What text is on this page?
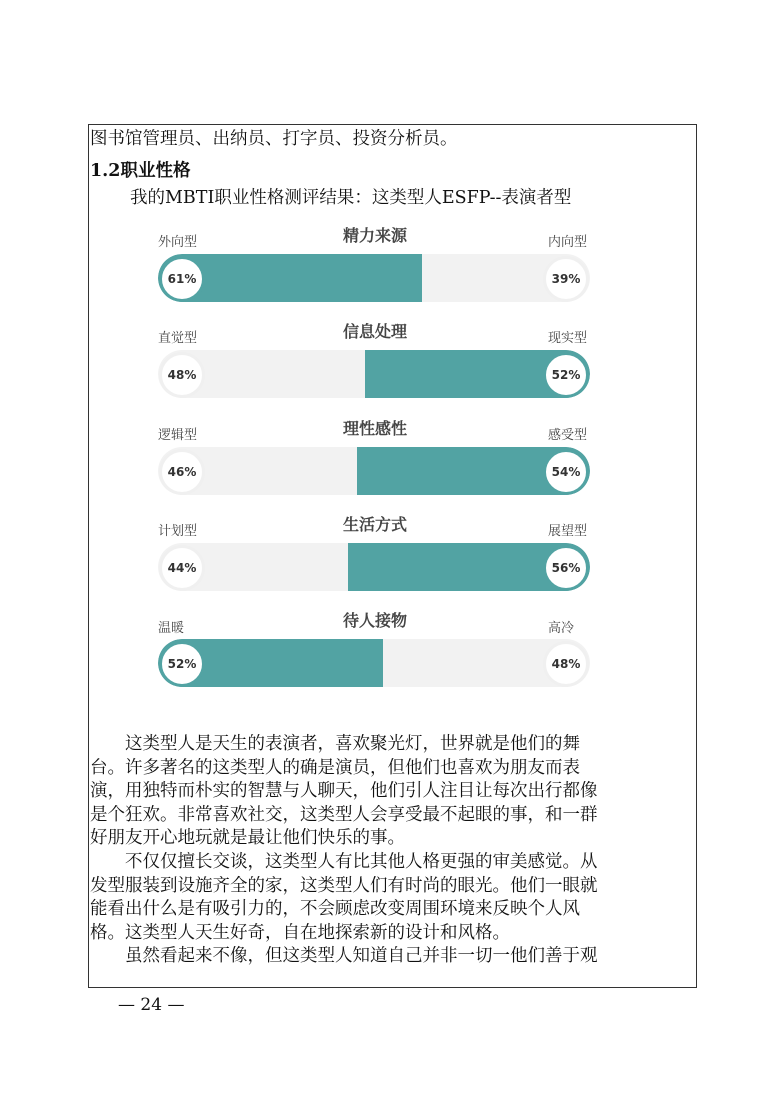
图书馆管理员、出纳员、打字员、投资分析员。
1.2职业性格
我的MBTI职业性格测评结果：这类型人ESFP--表演者型
精力来源
外向型	内向型
61%	39%
信息处理
直觉型	现实型
48%	52%
理性感性
逻辑型	感受型
46%	54%
生活方式
计划型	展望型
44%	56%
待人接物
温暖	高冷
52%	48%

　　这类型人是天生的表演者，喜欢聚光灯，世界就是他们的舞

台。许多著名的这类型人的确是演员，但他们也喜欢为朋友而表

演，用独特而朴实的智慧与人聊天，他们引人注目让每次出行都像

是个狂欢。非常喜欢社交，这类型人会享受最不起眼的事，和一群

好朋友开心地玩就是最让他们快乐的事。

　　不仅仅擅长交谈，这类型人有比其他人格更强的审美感觉。从

发型服装到设施齐全的家，这类型人们有时尚的眼光。他们一眼就

能看出什么是有吸引力的，不会顾虑改变周围环境来反映个人风

格。这类型人天生好奇，自在地探索新的设计和风格。

　　虽然看起来不像，但这类型人知道自己并非一切一他们善于观

— 24 —
